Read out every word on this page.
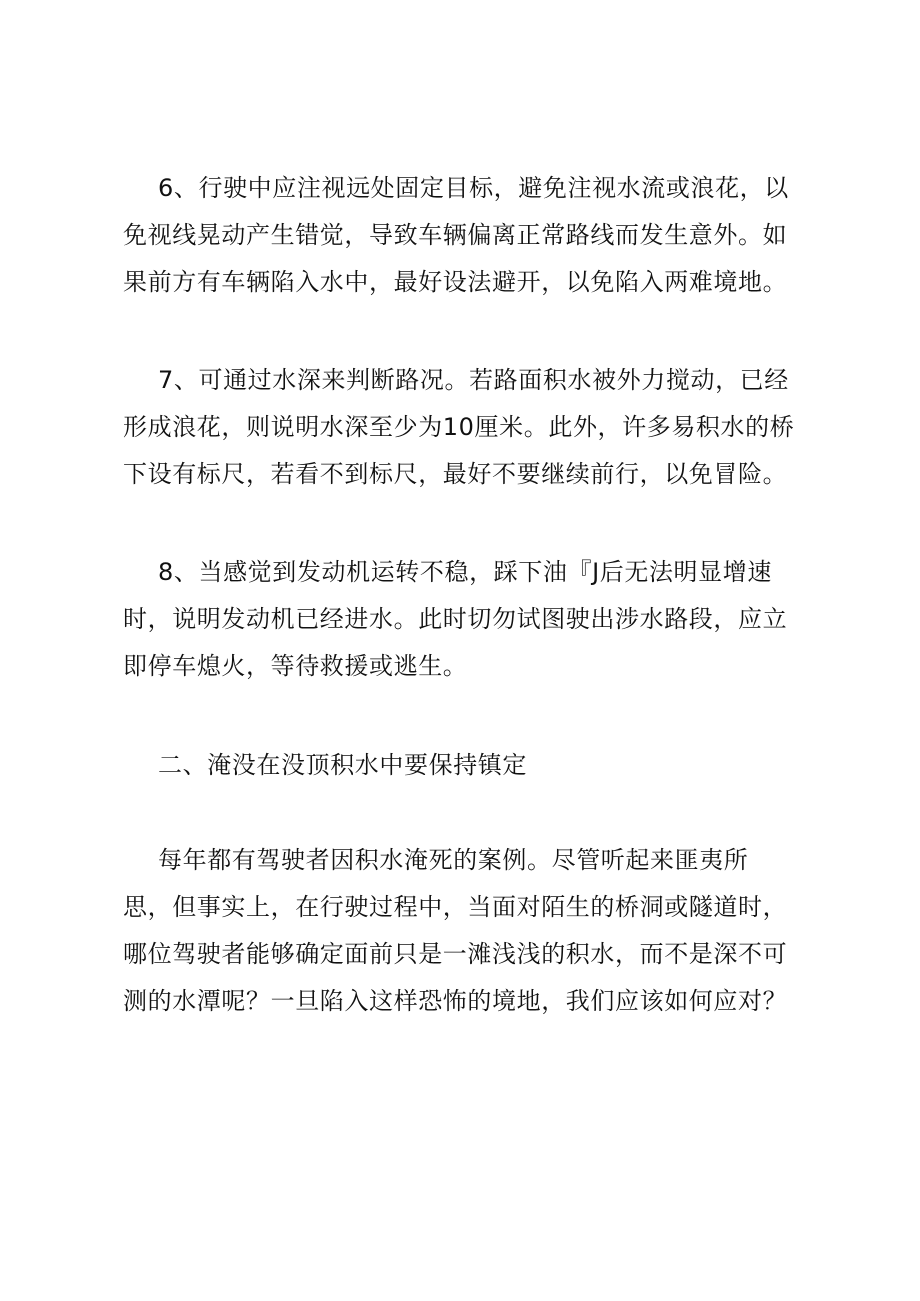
6、行驶中应注视远处固定目标，避免注视水流或浪花，以免视线晃动产生错觉，导致车辆偏离正常路线而发生意外。如果前方有车辆陷入水中，最好设法避开，以免陷入两难境地。

7、可通过水深来判断路况。若路面积水被外力搅动，已经形成浪花，则说明水深至少为10厘米。此外，许多易积水的桥下设有标尺，若看不到标尺，最好不要继续前行，以免冒险。

8、当感觉到发动机运转不稳，踩下油『J后无法明显增速时，说明发动机已经进水。此时切勿试图驶出涉水路段，应立即停车熄火，等待救援或逃生。

二、淹没在没顶积水中要保持镇定

每年都有驾驶者因积水淹死的案例。尽管听起来匪夷所思，但事实上，在行驶过程中，当面对陌生的桥洞或隧道时，哪位驾驶者能够确定面前只是一滩浅浅的积水，而不是深不可测的水潭呢？一旦陷入这样恐怖的境地，我们应该如何应对？
